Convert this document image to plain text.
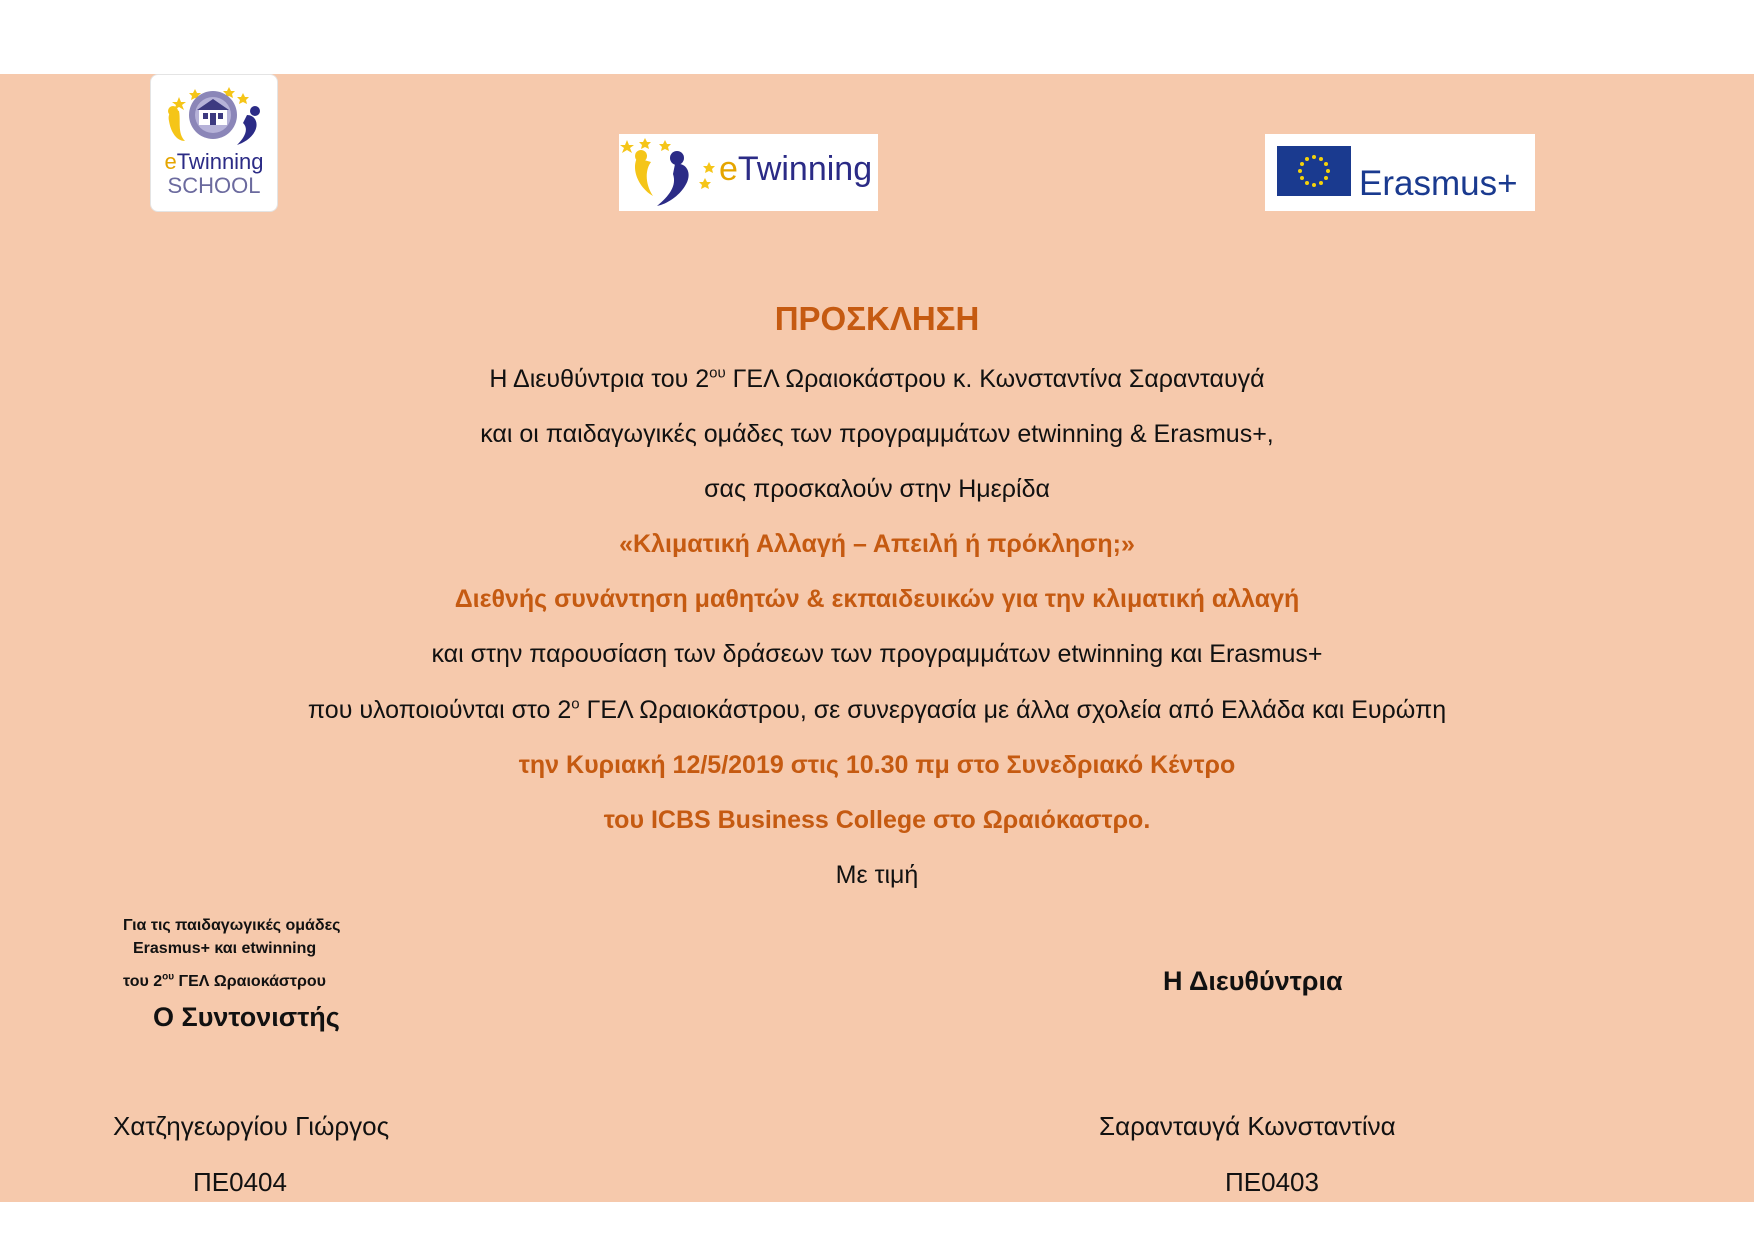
eTwinning
SCHOOL	eTwinning	Erasmus+
ΠΡΟΣΚΛΗΣΗ
Η Διευθύντρια του $2^{o\upsilon}$ ΓΕΛ Ωραιοκάστρου κ. Κωνσταντίνα Σαρανταυγά
και οι παιδαγωγικές ομάδες των προγραμμάτων etwinning & Erasmus+,
σας προσκαλούν στην Ημερίδα
«Κλιματική Αλλαγή – Απειλή ή πρόκληση;»
Διεθνής συνάντηση μαθητών & εκπαιδευικών για την κλιματική αλλαγή
και στην παρουσίαση των δράσεων των προγραμμάτων etwinning και Erasmus+
που υλοποιούνται στο $2^o$ ΓΕΛ Ωραιοκάστρου, σε συνεργασία με άλλα σχολεία από Ελλάδα και Ευρώπη
την Κυριακή 12/5/2019 στις 10.30 πμ στο Συνεδριακό Κέντρο
του ICBS Business College στο Ωραιόκαστρο.
Με τιμή
Για τις παιδαγωγικές ομάδες
Erasmus+ και etwinning
του $2^{o\upsilon}$ ΓΕΛ Ωραιοκάστρου
Ο Συντονιστής
Χατζηγεωργίου Γιώργος
ΠΕ0404
Η Διευθύντρια
Σαρανταυγά Κωνσταντίνα
ΠΕ0403
